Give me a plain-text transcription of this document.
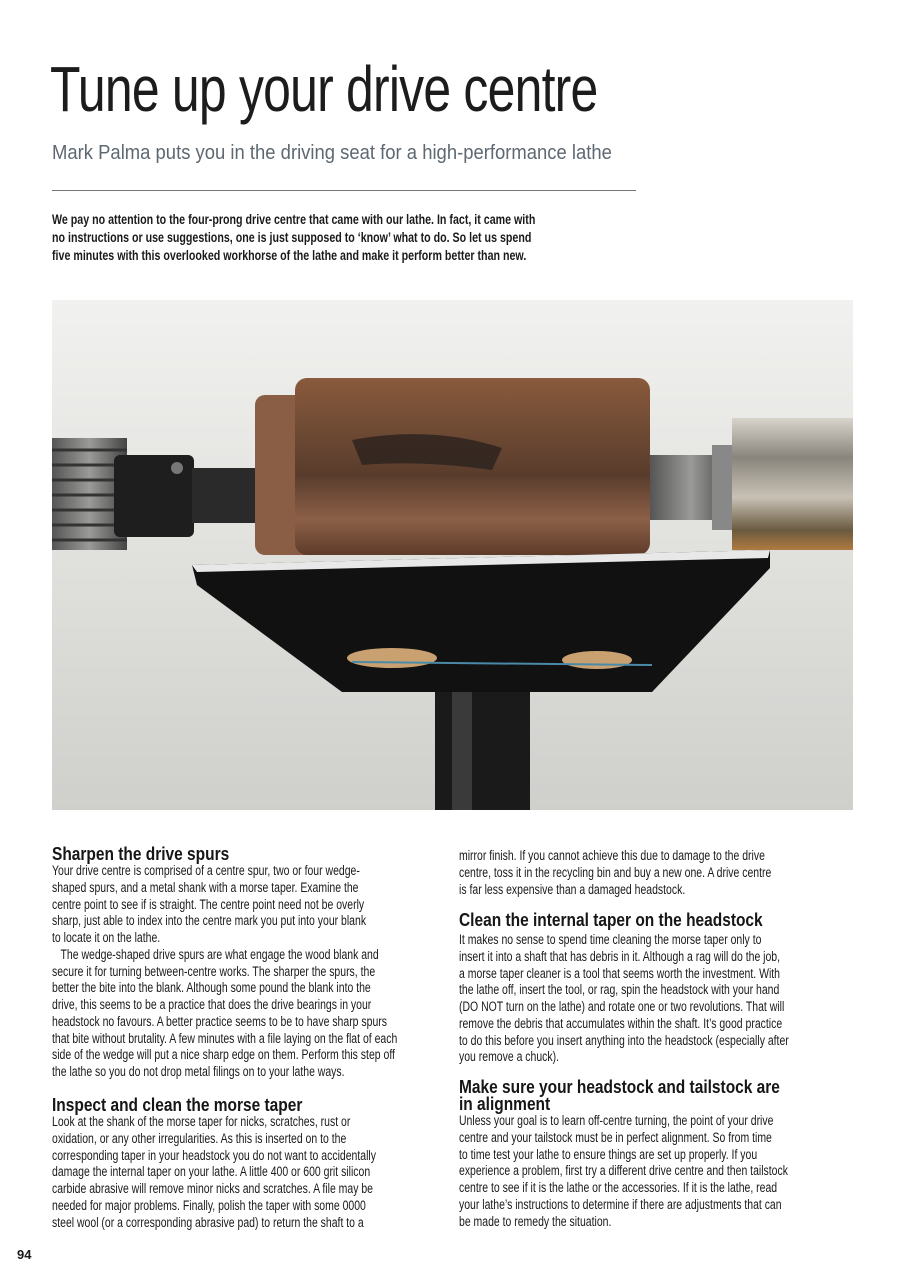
Tune up your drive centre
Mark Palma puts you in the driving seat for a high-performance lathe
We pay no attention to the four-prong drive centre that came with our lathe. In fact, it came with
no instructions or use suggestions, one is just supposed to ‘know’ what to do. So let us spend
five minutes with this overlooked workhorse of the lathe and make it perform better than new.
Sharpen the drive spurs
Your drive centre is comprised of a centre spur, two or four wedge-
shaped spurs, and a metal shank with a morse taper. Examine the
centre point to see if is straight. The centre point need not be overly
sharp, just able to index into the centre mark you put into your blank
to locate it on the lathe.
The wedge-shaped drive spurs are what engage the wood blank and
secure it for turning between-centre works. The sharper the spurs, the
better the bite into the blank. Although some pound the blank into the
drive, this seems to be a practice that does the drive bearings in your
headstock no favours. A better practice seems to be to have sharp spurs
that bite without brutality. A few minutes with a file laying on the flat of each
side of the wedge will put a nice sharp edge on them. Perform this step off
the lathe so you do not drop metal filings on to your lathe ways.
Inspect and clean the morse taper
Look at the shank of the morse taper for nicks, scratches, rust or
oxidation, or any other irregularities. As this is inserted on to the
corresponding taper in your headstock you do not want to accidentally
damage the internal taper on your lathe. A little 400 or 600 grit silicon
carbide abrasive will remove minor nicks and scratches. A file may be
needed for major problems. Finally, polish the taper with some 0000
steel wool (or a corresponding abrasive pad) to return the shaft to a
mirror finish. If you cannot achieve this due to damage to the drive
centre, toss it in the recycling bin and buy a new one. A drive centre
is far less expensive than a damaged headstock.
Clean the internal taper on the headstock
It makes no sense to spend time cleaning the morse taper only to
insert it into a shaft that has debris in it. Although a rag will do the job,
a morse taper cleaner is a tool that seems worth the investment. With
the lathe off, insert the tool, or rag, spin the headstock with your hand
(DO NOT turn on the lathe) and rotate one or two revolutions. That will
remove the debris that accumulates within the shaft. It’s good practice
to do this before you insert anything into the headstock (especially after
you remove a chuck).
Make sure your headstock and tailstock are
in alignment
Unless your goal is to learn off-centre turning, the point of your drive
centre and your tailstock must be in perfect alignment. So from time
to time test your lathe to ensure things are set up properly. If you
experience a problem, first try a different drive centre and then tailstock
centre to see if it is the lathe or the accessories. If it is the lathe, read
your lathe’s instructions to determine if there are adjustments that can
be made to remedy the situation.
94
